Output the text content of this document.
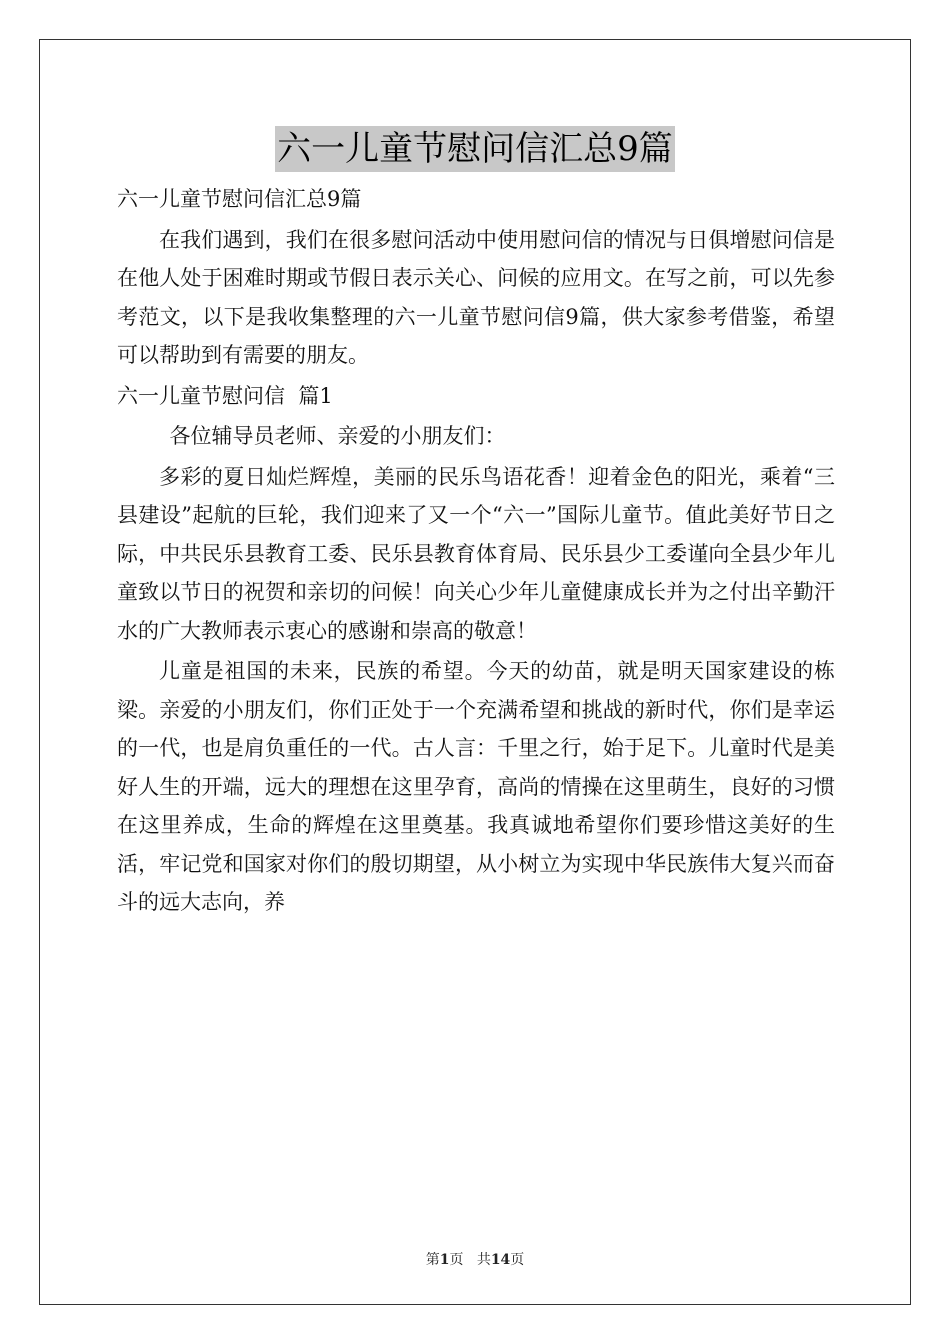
六一儿童节慰问信汇总9篇

六一儿童节慰问信汇总9篇

在我们遇到，我们在很多慰问活动中使用慰问信的情况与日俱增慰问信是在他人处于困难时期或节假日表示关心、问候的应用文。在写之前，可以先参考范文，以下是我收集整理的六一儿童节慰问信9篇，供大家参考借鉴，希望可以帮助到有需要的朋友。

六一儿童节慰问信  篇1

各位辅导员老师、亲爱的小朋友们：

多彩的夏日灿烂辉煌，美丽的民乐鸟语花香！迎着金色的阳光，乘着“三县建设”起航的巨轮，我们迎来了又一个“六一”国际儿童节。值此美好节日之际，中共民乐县教育工委、民乐县教育体育局、民乐县少工委谨向全县少年儿童致以节日的祝贺和亲切的问候！向关心少年儿童健康成长并为之付出辛勤汗水的广大教师表示衷心的感谢和崇高的敬意！

儿童是祖国的未来，民族的希望。今天的幼苗，就是明天国家建设的栋梁。亲爱的小朋友们，你们正处于一个充满希望和挑战的新时代，你们是幸运的一代，也是肩负重任的一代。古人言：千里之行，始于足下。儿童时代是美好人生的开端，远大的理想在这里孕育，高尚的情操在这里萌生，良好的习惯在这里养成，生命的辉煌在这里奠基。我真诚地希望你们要珍惜这美好的生活，牢记党和国家对你们的殷切期望，从小树立为实现中华民族伟大复兴而奋斗的远大志向，养

第1页 共14页
